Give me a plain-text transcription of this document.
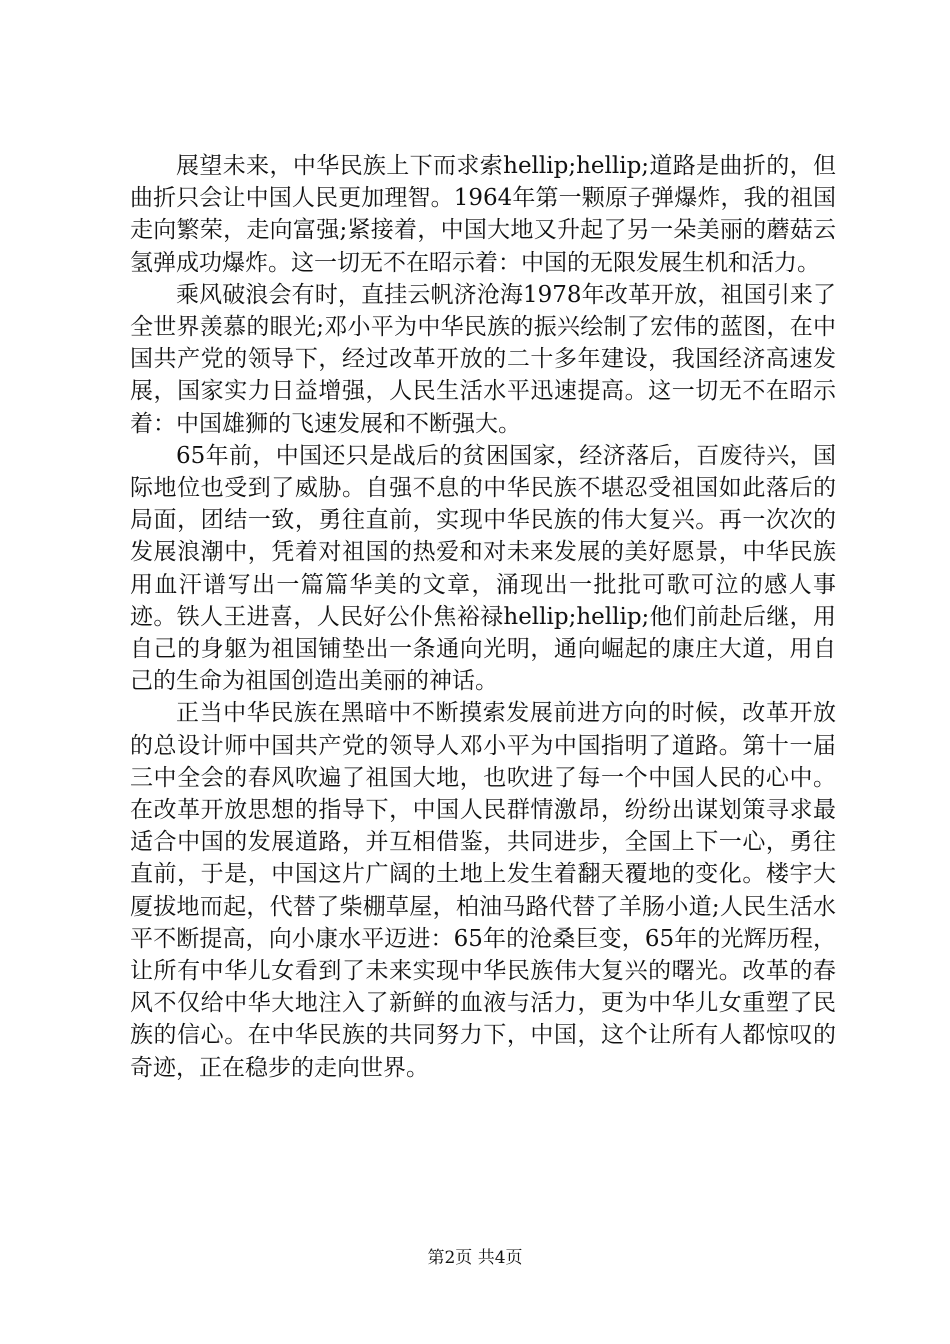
展望未来，中华民族上下而求索hellip;hellip;道路是曲折的，但曲折只会让中国人民更加理智。1964年第一颗原子弹爆炸，我的祖国走向繁荣，走向富强;紧接着，中国大地又升起了另一朵美丽的蘑菇云氢弹成功爆炸。这一切无不在昭示着：中国的无限发展生机和活力。

乘风破浪会有时，直挂云帆济沧海1978年改革开放，祖国引来了全世界羡慕的眼光;邓小平为中华民族的振兴绘制了宏伟的蓝图，在中国共产党的领导下，经过改革开放的二十多年建设，我国经济高速发展，国家实力日益增强，人民生活水平迅速提高。这一切无不在昭示着：中国雄狮的飞速发展和不断强大。

65年前，中国还只是战后的贫困国家，经济落后，百废待兴，国际地位也受到了威胁。自强不息的中华民族不堪忍受祖国如此落后的局面，团结一致，勇往直前，实现中华民族的伟大复兴。再一次次的发展浪潮中，凭着对祖国的热爱和对未来发展的美好愿景，中华民族用血汗谱写出一篇篇华美的文章，涌现出一批批可歌可泣的感人事迹。铁人王进喜，人民好公仆焦裕禄hellip;hellip;他们前赴后继，用自己的身躯为祖国铺垫出一条通向光明，通向崛起的康庄大道，用自己的生命为祖国创造出美丽的神话。

正当中华民族在黑暗中不断摸索发展前进方向的时候，改革开放的总设计师中国共产党的领导人邓小平为中国指明了道路。第十一届三中全会的春风吹遍了祖国大地，也吹进了每一个中国人民的心中。在改革开放思想的指导下，中国人民群情激昂，纷纷出谋划策寻求最适合中国的发展道路，并互相借鉴，共同进步，全国上下一心，勇往直前，于是，中国这片广阔的土地上发生着翻天覆地的变化。楼宇大厦拔地而起，代替了柴棚草屋，柏油马路代替了羊肠小道;人民生活水平不断提高，向小康水平迈进：65年的沧桑巨变，65年的光辉历程，让所有中华儿女看到了未来实现中华民族伟大复兴的曙光。改革的春风不仅给中华大地注入了新鲜的血液与活力，更为中华儿女重塑了民族的信心。在中华民族的共同努力下，中国，这个让所有人都惊叹的奇迹，正在稳步的走向世界。

第2页 共4页
